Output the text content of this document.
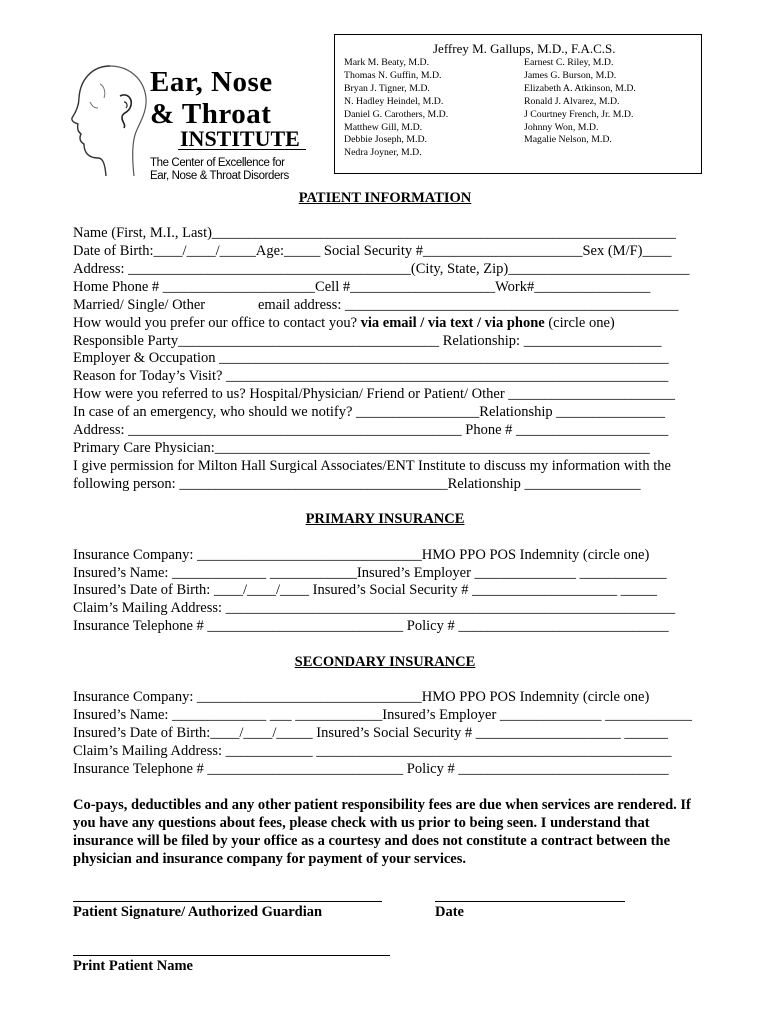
Ear, Nose
& Throat
INSTITUTE
The Center of Excellence for
Ear, Nose & Throat Disorders
Jeffrey M. Gallups, M.D., F.A.C.S.
Mark M. Beaty, M.D.
Thomas N. Guffin, M.D.
Bryan J. Tigner, M.D.
N. Hadley Heindel, M.D.
Daniel G. Carothers, M.D.
Matthew Gill, M.D.
Debbie Joseph, M.D.
Nedra Joyner, M.D.
Earnest C. Riley, M.D.
James G. Burson, M.D.
Elizabeth A. Atkinson, M.D.
Ronald J. Alvarez, M.D.
J Courtney French, Jr. M.D.
Johnny Won, M.D.
Magalie Nelson, M.D.
PATIENT INFORMATION
Name (First, M.I., Last)________________________________________________________________
Date of Birth:____/____/_____Age:_____ Social Security #______________________Sex (M/F)____
Address: _______________________________________(City, State, Zip)_________________________
Home Phone # _____________________Cell #____________________Work#________________
Married/ Single/ Other	email address: ______________________________________________
How would you prefer our office to contact you? via email / via text / via phone (circle one)
Responsible Party____________________________________ Relationship: ___________________
Employer & Occupation ______________________________________________________________
Reason for Today’s Visit? _____________________________________________________________
How were you referred to us? Hospital/Physician/ Friend or Patient/ Other _______________________
In case of an emergency, who should we notify? _________________Relationship _______________
Address: ______________________________________________ Phone # _____________________
Primary Care Physician:____________________________________________________________
I give permission for Milton Hall Surgical Associates/ENT Institute to discuss my information with the
following person: _____________________________________Relationship ________________
PRIMARY INSURANCE
Insurance Company: _______________________________HMO PPO POS Indemnity (circle one)
Insured’s Name: _____________ ____________Insured’s Employer ______________ ____________
Insured’s Date of Birth: ____/____/____ Insured’s Social Security # ____________________ _____
Claim’s Mailing Address: ______________________________________________________________
Insurance Telephone # ___________________________ Policy # _____________________________
SECONDARY INSURANCE
Insurance Company: _______________________________HMO PPO POS Indemnity (circle one)
Insured’s Name: _____________ ___ ____________Insured’s Employer ______________ ____________
Insured’s Date of Birth:____/____/_____ Insured’s Social Security # ____________________ ______
Claim’s Mailing Address: ____________ _________________________________________________
Insurance Telephone # ___________________________ Policy # _____________________________
Co-pays, deductibles and any other patient responsibility fees are due when services are rendered. If you have any questions about fees, please check with us prior to being seen. I understand that insurance will be filed by your office as a courtesy and does not constitute a contract between the physician and insurance company for payment of your services.
Patient Signature/ Authorized Guardian	Date
Print Patient Name
